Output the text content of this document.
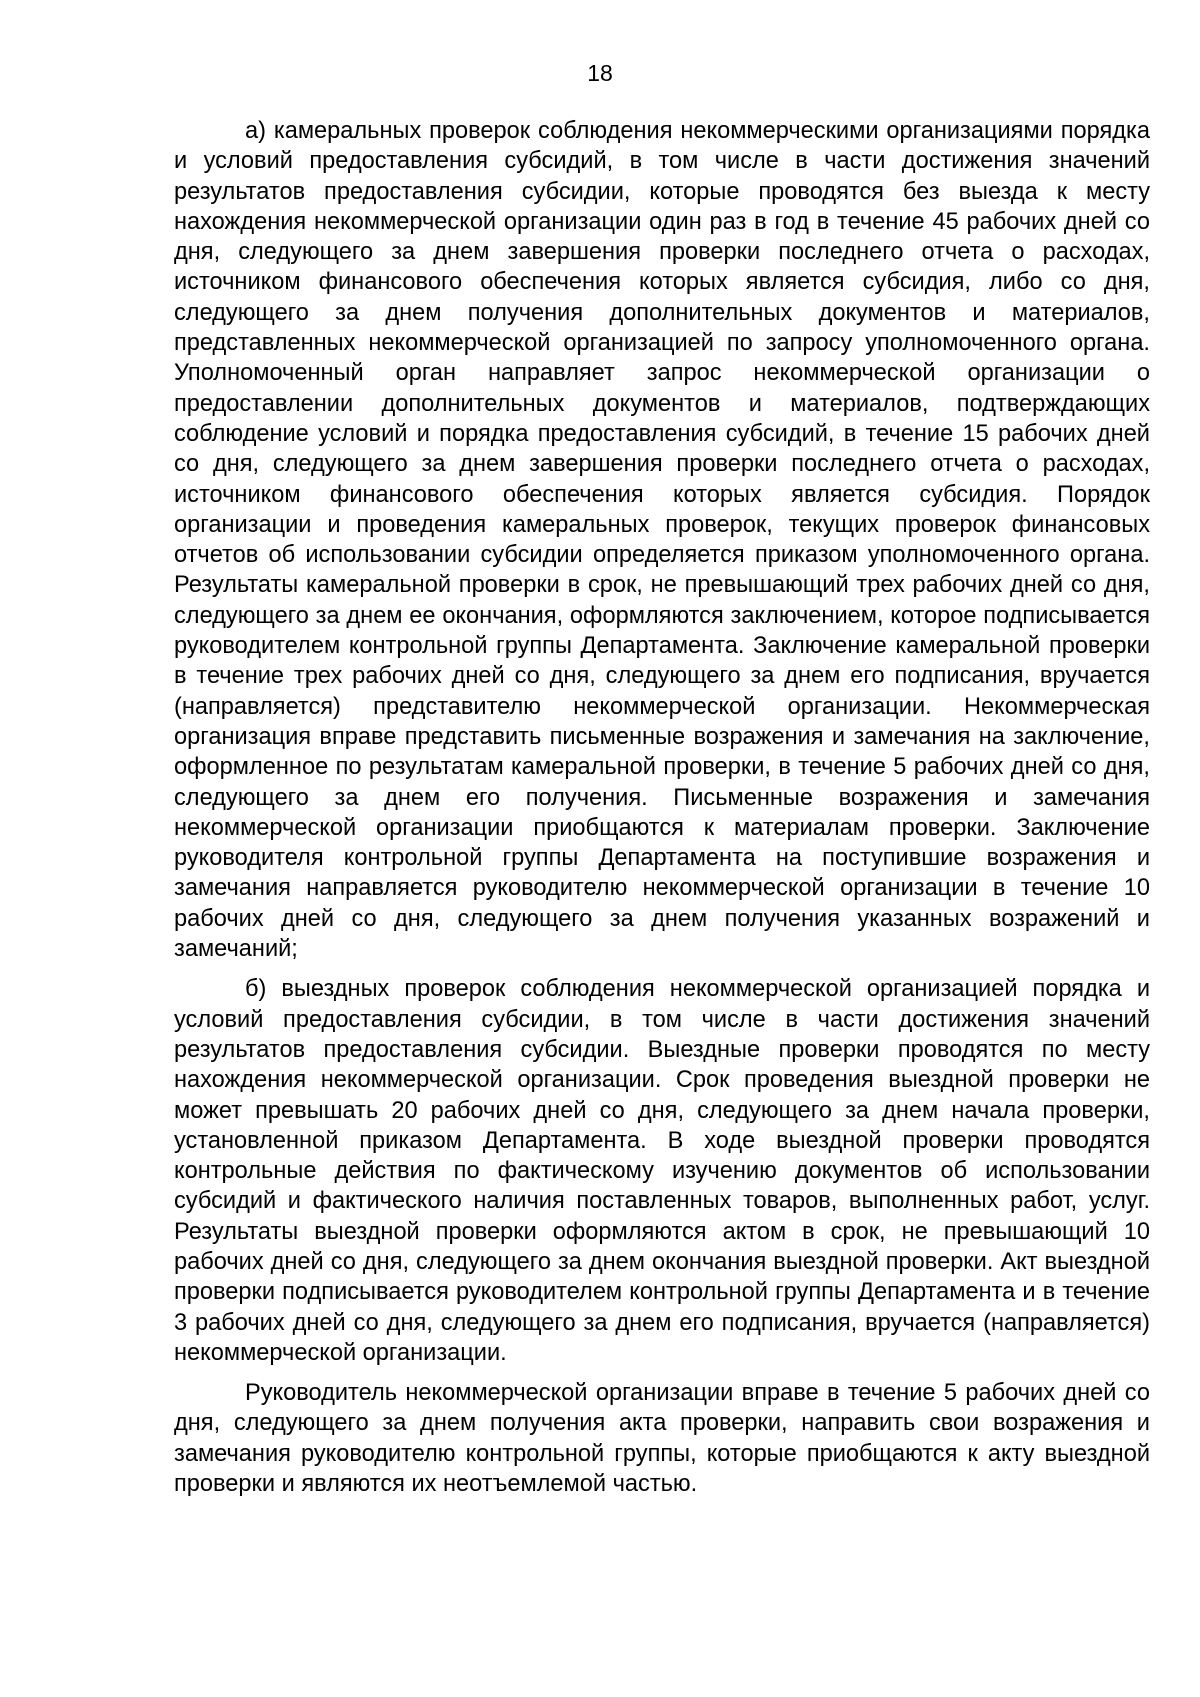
18

а) камеральных проверок соблюдения некоммерческими организациями порядка и условий предоставления субсидий, в том числе в части достижения значений результатов предоставления субсидии, которые проводятся без выезда к месту нахождения некоммерческой организации один раз в год в течение 45 рабочих дней со дня, следующего за днем завершения проверки последнего отчета о расходах, источником финансового обеспечения которых является субсидия, либо со дня, следующего за днем получения дополнительных документов и материалов, представленных некоммерческой организацией по запросу уполномоченного органа. Уполномоченный орган направляет запрос некоммерческой организации о предоставлении дополнительных документов и материалов, подтверждающих соблюдение условий и порядка предоставления субсидий, в течение 15 рабочих дней со дня, следующего за днем завершения проверки последнего отчета о расходах, источником финансового обеспечения которых является субсидия. Порядок организации и проведения камеральных проверок, текущих проверок финансовых отчетов об использовании субсидии определяется приказом уполномоченного органа. Результаты камеральной проверки в срок, не превышающий трех рабочих дней со дня, следующего за днем ее окончания, оформляются заключением, которое подписывается руководителем контрольной группы Департамента. Заключение камеральной проверки в течение трех рабочих дней со дня, следующего за днем его подписания, вручается (направляется) представителю некоммерческой организации. Некоммерческая организация вправе представить письменные возражения и замечания на заключение, оформленное по результатам камеральной проверки, в течение 5 рабочих дней со дня, следующего за днем его получения. Письменные возражения и замечания некоммерческой организации приобщаются к материалам проверки. Заключение руководителя контрольной группы Департамента на поступившие возражения и замечания направляется руководителю некоммерческой организации в течение 10 рабочих дней со дня, следующего за днем получения указанных возражений и замечаний;

б) выездных проверок соблюдения некоммерческой организацией порядка и условий предоставления субсидии, в том числе в части достижения значений результатов предоставления субсидии. Выездные проверки проводятся по месту нахождения некоммерческой организации. Срок проведения выездной проверки не может превышать 20 рабочих дней со дня, следующего за днем начала проверки, установленной приказом Департамента. В ходе выездной проверки проводятся контрольные действия по фактическому изучению документов об использовании субсидий и фактического наличия поставленных товаров, выполненных работ, услуг. Результаты выездной проверки оформляются актом в срок, не превышающий 10 рабочих дней со дня, следующего за днем окончания выездной проверки. Акт выездной проверки подписывается руководителем контрольной группы Департамента и в течение 3 рабочих дней со дня, следующего за днем его подписания, вручается (направляется) некоммерческой организации.

Руководитель некоммерческой организации вправе в течение 5 рабочих дней со дня, следующего за днем получения акта проверки, направить свои возражения и замечания руководителю контрольной группы, которые приобщаются к акту выездной проверки и являются их неотъемлемой частью.
